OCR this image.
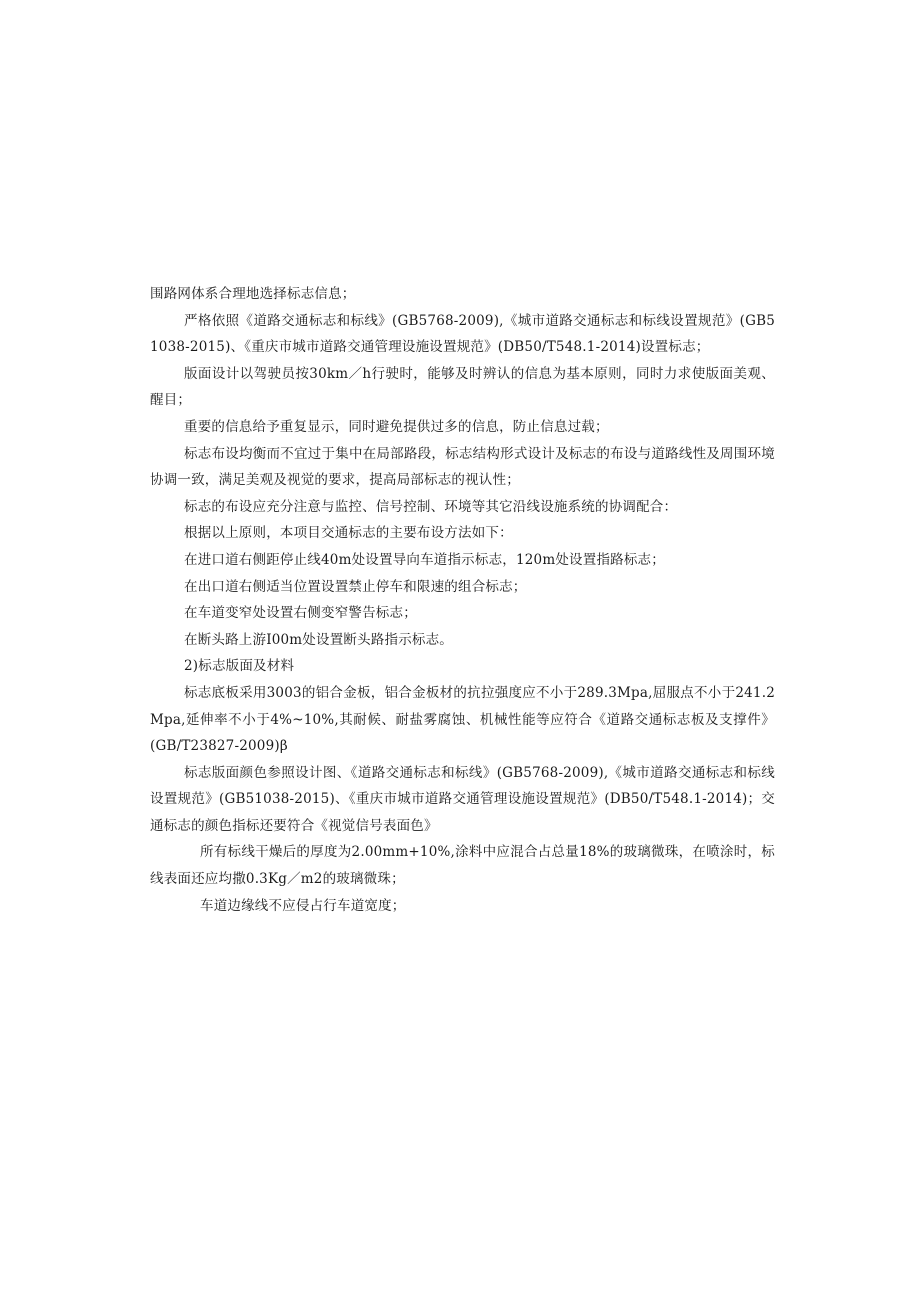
围路网体系合理地选择标志信息；

严格依照《道路交通标志和标线》(GB5768-2009),《城市道路交通标志和标线设置规范》(GB51038-2015)、《重庆市城市道路交通管理设施设置规范》(DB50/T548.1-2014)设置标志；

版面设计以驾驶员按30km／h行驶时，能够及时辨认的信息为基本原则，同时力求使版面美观、醒目；

重要的信息给予重复显示，同时避免提供过多的信息，防止信息过载；

标志布设均衡而不宜过于集中在局部路段，标志结构形式设计及标志的布设与道路线性及周围环境协调一致，满足美观及视觉的要求，提高局部标志的视认性；

标志的布设应充分注意与监控、信号控制、环境等其它沿线设施系统的协调配合：

根据以上原则，本项目交通标志的主要布设方法如下：

在进口道右侧距停止线40m处设置导向车道指示标志，120m处设置指路标志；

在出口道右侧适当位置设置禁止停车和限速的组合标志；

在车道变窄处设置右侧变窄警告标志；

在断头路上游I00m处设置断头路指示标志。

2)标志版面及材料

标志底板采用3003的铝合金板，铝合金板材的抗拉强度应不小于289.3Mpa,屈服点不小于241.2Mpa,延伸率不小于4%~10%,其耐候、耐盐雾腐蚀、机械性能等应符合《道路交通标志板及支撑件》(GB/T23827-2009)β

标志版面颜色参照设计图、《道路交通标志和标线》(GB5768-2009),《城市道路交通标志和标线设置规范》(GB51038-2015)、《重庆市城市道路交通管理设施设置规范》(DB50/T548.1-2014)；交通标志的颜色指标还要符合《视觉信号表面色》

所有标线干燥后的厚度为2.00mm+10%,涂料中应混合占总量18%的玻璃微珠，在喷涂时，标线表面还应均撒0.3Kg／m2的玻璃微珠；

车道边缘线不应侵占行车道宽度；
